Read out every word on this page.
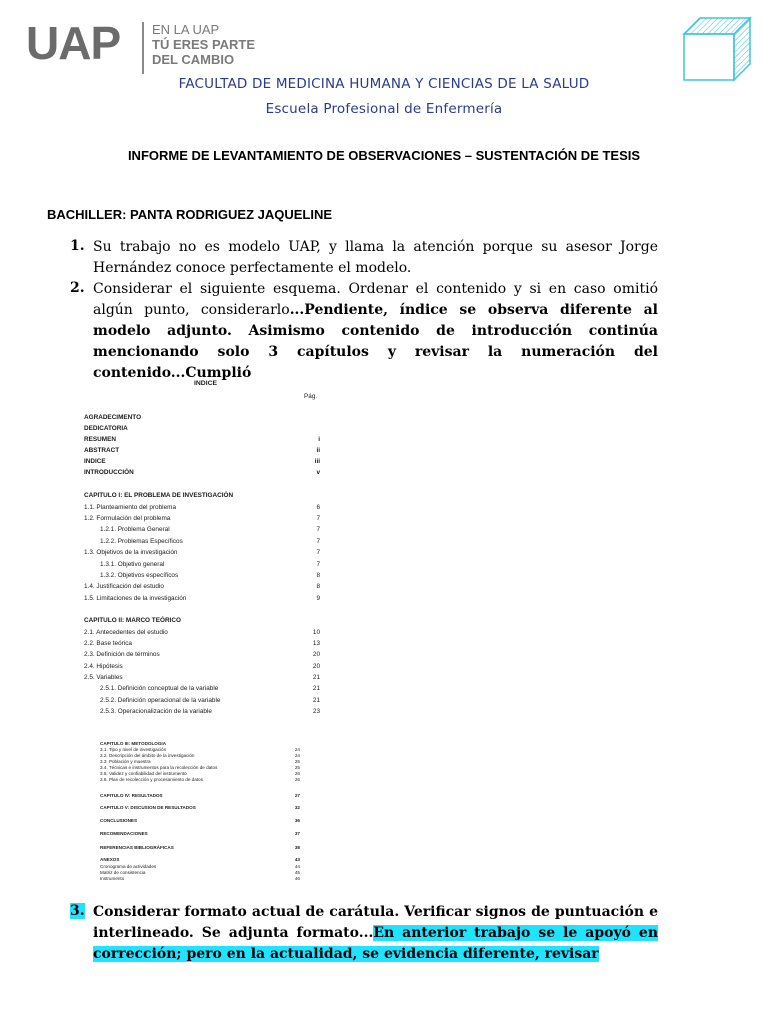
UAP EN LA UAP
TÚ ERES PARTE
DEL CAMBIO
FACULTAD DE MEDICINA HUMANA Y CIENCIAS DE LA SALUD
Escuela Profesional de Enfermería
INFORME DE LEVANTAMIENTO DE OBSERVACIONES – SUSTENTACIÓN DE TESIS
BACHILLER: PANTA RODRIGUEZ JAQUELINE
1. Su trabajo no es modelo UAP, y llama la atención porque su asesor Jorge Hernández conoce perfectamente el modelo.
2. Considerar el siguiente esquema. Ordenar el contenido y si en caso omitió algún punto, considerarlo...Pendiente, índice se observa diferente al modelo adjunto. Asimismo contenido de introducción continúa mencionando solo 3 capítulos y revisar la numeración del contenido...Cumplió
INDICE
Pág.
AGRADECIMENTO
DEDICATORIA
RESUMEN	i
ABSTRACT	ii
INDICE	iii
INTRODUCCIÓN	v
CAPITULO I: EL PROBLEMA DE INVESTIGACIÓN
1.1. Planteamiento del problema	6
1.2. Formulación del problema	7
1.2.1. Problema General	7
1.2.2. Problemas Específicos	7
1.3. Objetivos de la investigación	7
1.3.1. Objetivo general	7
1.3.2. Objetivos específicos	8
1.4. Justificación del estudio	8
1.5. Limitaciones de la investigación	9
CAPITULO II: MARCO TEÓRICO
2.1. Antecedentes del estudio	10
2.2. Base teórica	13
2.3. Definición de términos	20
2.4. Hipótesis	20
2.5. Variables	21
2.5.1. Definición conceptual de la variable	21
2.5.2. Definición operacional de la variable	21
2.5.3. Operacionalización de la variable	23
CAPITULO III: METODOLOGIA
3.1. Tipo y nivel de investigación	24
3.2. Descripción del ámbito de la investigación	24
3.3. Población y muestra	25
3.4. Técnicas e instrumentos para la recolección de datos	25
3.5. Validez y confiabilidad del instrumento	26
3.6. Plan de recolección y procesamiento de datos	26
CAPITULO IV: RESULTADOS	27
CAPITULO V: DISCUSION DE RESULTADOS	32
CONCLUSIONES	36
RECOMENDACIONES	37
REFERENCIAS BIBLIOGRÁFICAS	38
ANEXOS	43
Cronograma de actividades	44
Matriz de consistencia	45
Instrumento	46
3. Considerar formato actual de carátula. Verificar signos de puntuación e interlineado. Se adjunta formato...En anterior trabajo se le apoyó en corrección; pero en la actualidad, se evidencia diferente, revisar
